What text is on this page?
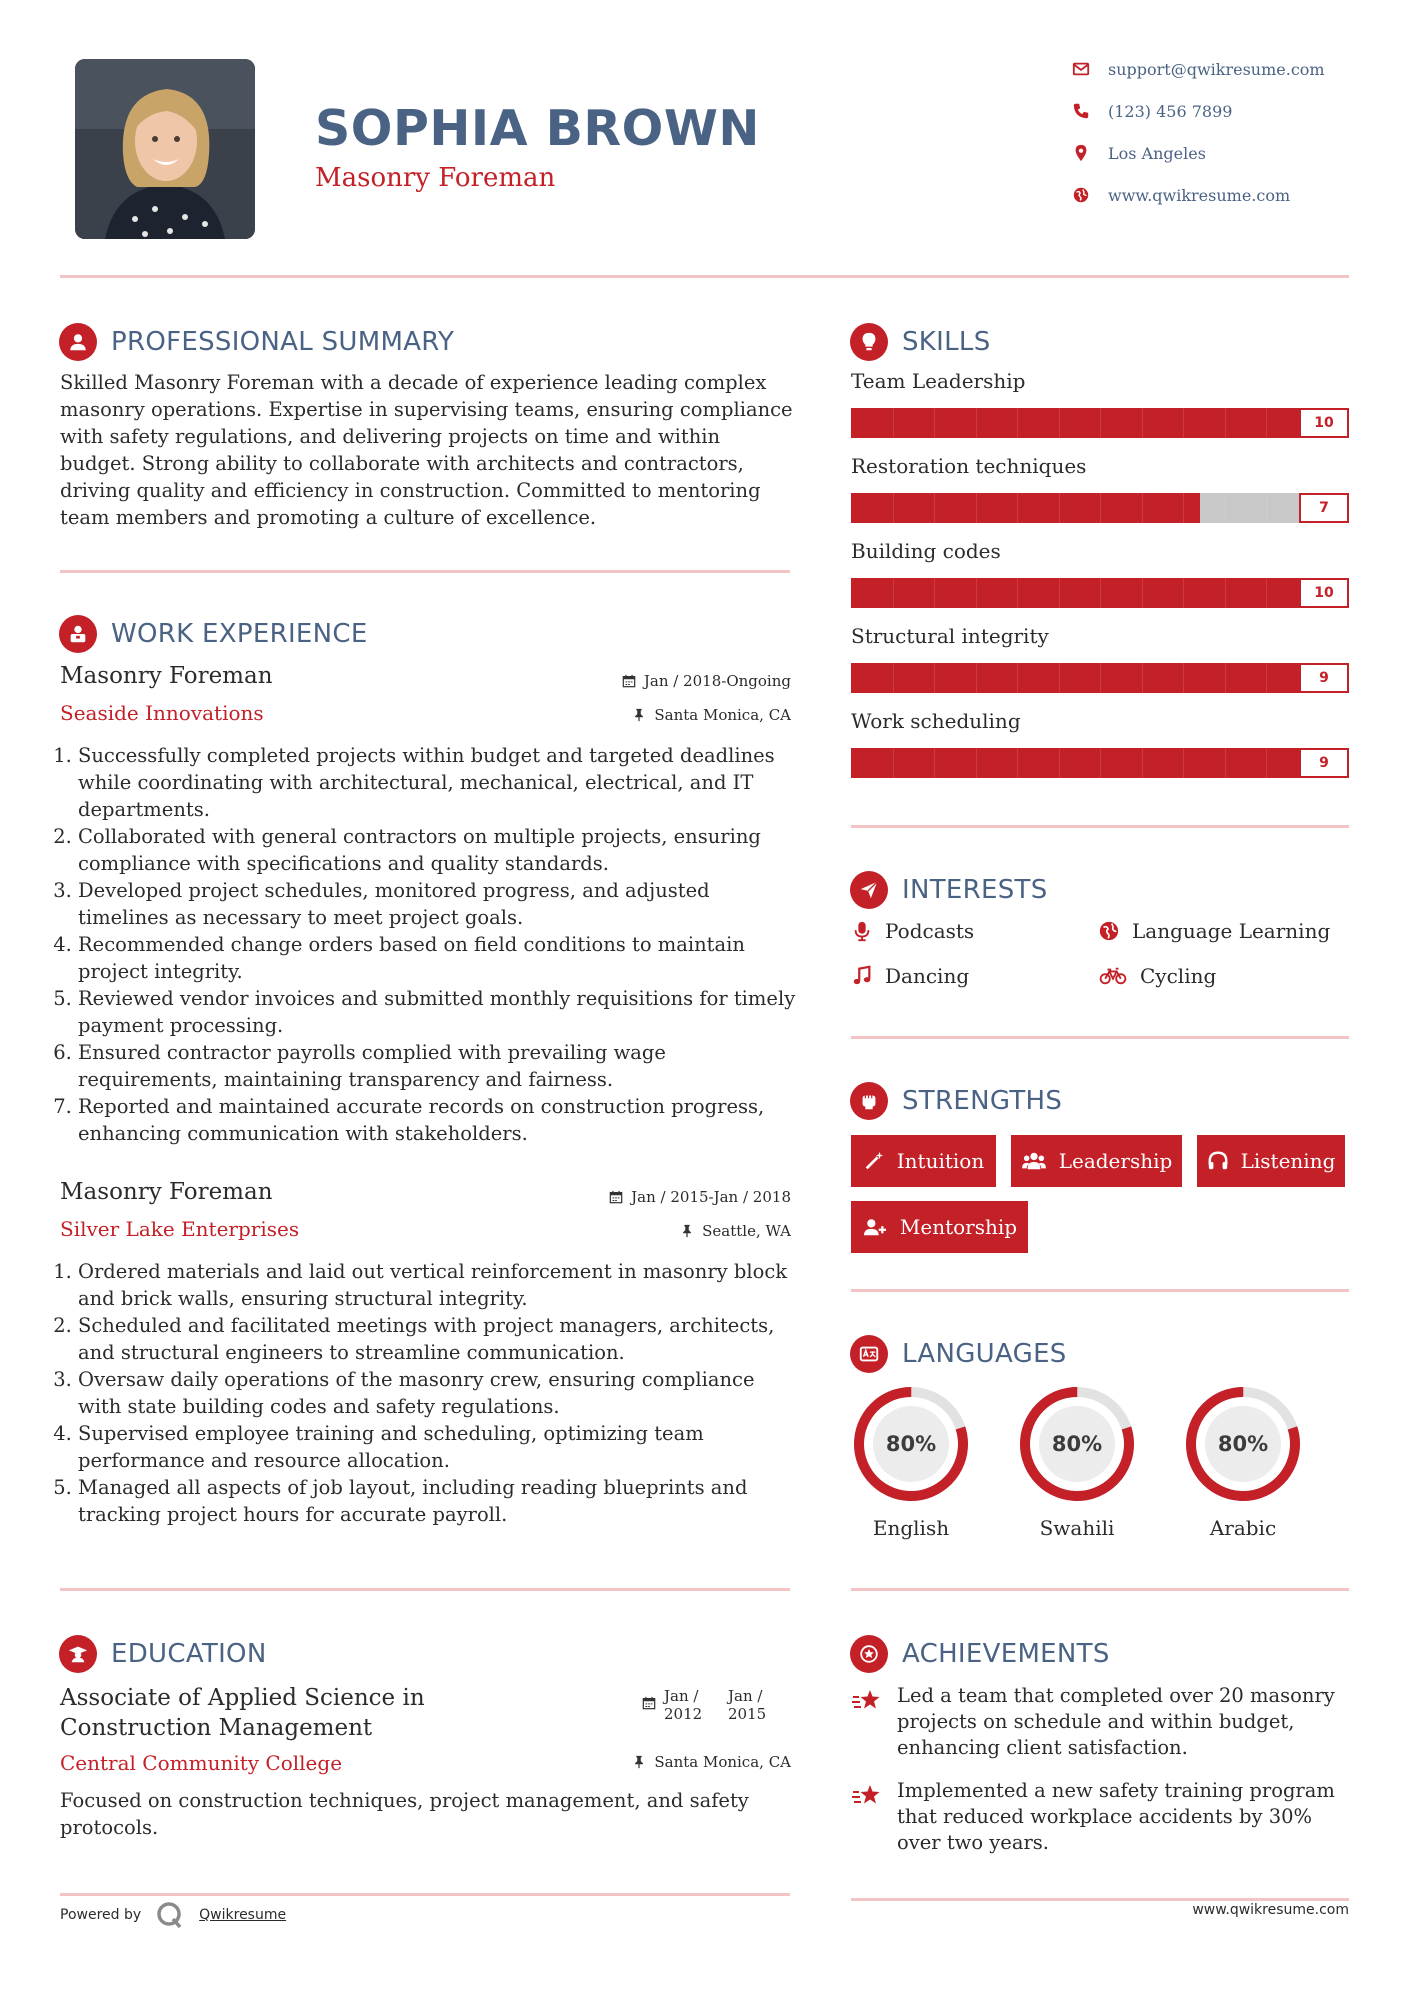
SOPHIA BROWN
Masonry Foreman
support@qwikresume.com
(123) 456 7899
Los Angeles
www.qwikresume.com
PROFESSIONAL SUMMARY

Skilled Masonry Foreman with a decade of experience leading complex masonry operations. Expertise in supervising teams, ensuring compliance with safety regulations, and delivering projects on time and within budget. Strong ability to collaborate with architects and contractors, driving quality and efficiency in construction. Committed to mentoring team members and promoting a culture of excellence.

WORK EXPERIENCE
Masonry Foreman	Jan / 2018-Ongoing
Seaside Innovations	Santa Monica, CA
1. Successfully completed projects within budget and targeted deadlines while coordinating with architectural, mechanical, electrical, and IT departments.
2. Collaborated with general contractors on multiple projects, ensuring compliance with specifications and quality standards.
3. Developed project schedules, monitored progress, and adjusted timelines as necessary to meet project goals.
4. Recommended change orders based on field conditions to maintain project integrity.
5. Reviewed vendor invoices and submitted monthly requisitions for timely payment processing.
6. Ensured contractor payrolls complied with prevailing wage requirements, maintaining transparency and fairness.
7. Reported and maintained accurate records on construction progress, enhancing communication with stakeholders.
Masonry Foreman	Jan / 2015-Jan / 2018
Silver Lake Enterprises	Seattle, WA
1. Ordered materials and laid out vertical reinforcement in masonry block and brick walls, ensuring structural integrity.
2. Scheduled and facilitated meetings with project managers, architects, and structural engineers to streamline communication.
3. Oversaw daily operations of the masonry crew, ensuring compliance with state building codes and safety regulations.
4. Supervised employee training and scheduling, optimizing team performance and resource allocation.
5. Managed all aspects of job layout, including reading blueprints and tracking project hours for accurate payroll.
EDUCATION
Associate of Applied Science in Construction Management
Jan / 2012
Jan / 2015
Central Community College	Santa Monica, CA

Focused on construction techniques, project management, and safety protocols.

SKILLS
Team Leadership
10
Restoration techniques
7
Building codes
10
Structural integrity
9
Work scheduling
9
INTERESTS
Podcasts	Language Learning
Dancing	Cycling
STRENGTHS
Intuition	Leadership	Listening
Mentorship
LANGUAGES
80%
English
80%
Swahili
80%
Arabic
ACHIEVEMENTS

Led a team that completed over 20 masonry projects on schedule and within budget, enhancing client satisfaction.

Implemented a new safety training program that reduced workplace accidents by 30% over two years.

Powered by	Qwikresume	www.qwikresume.com
